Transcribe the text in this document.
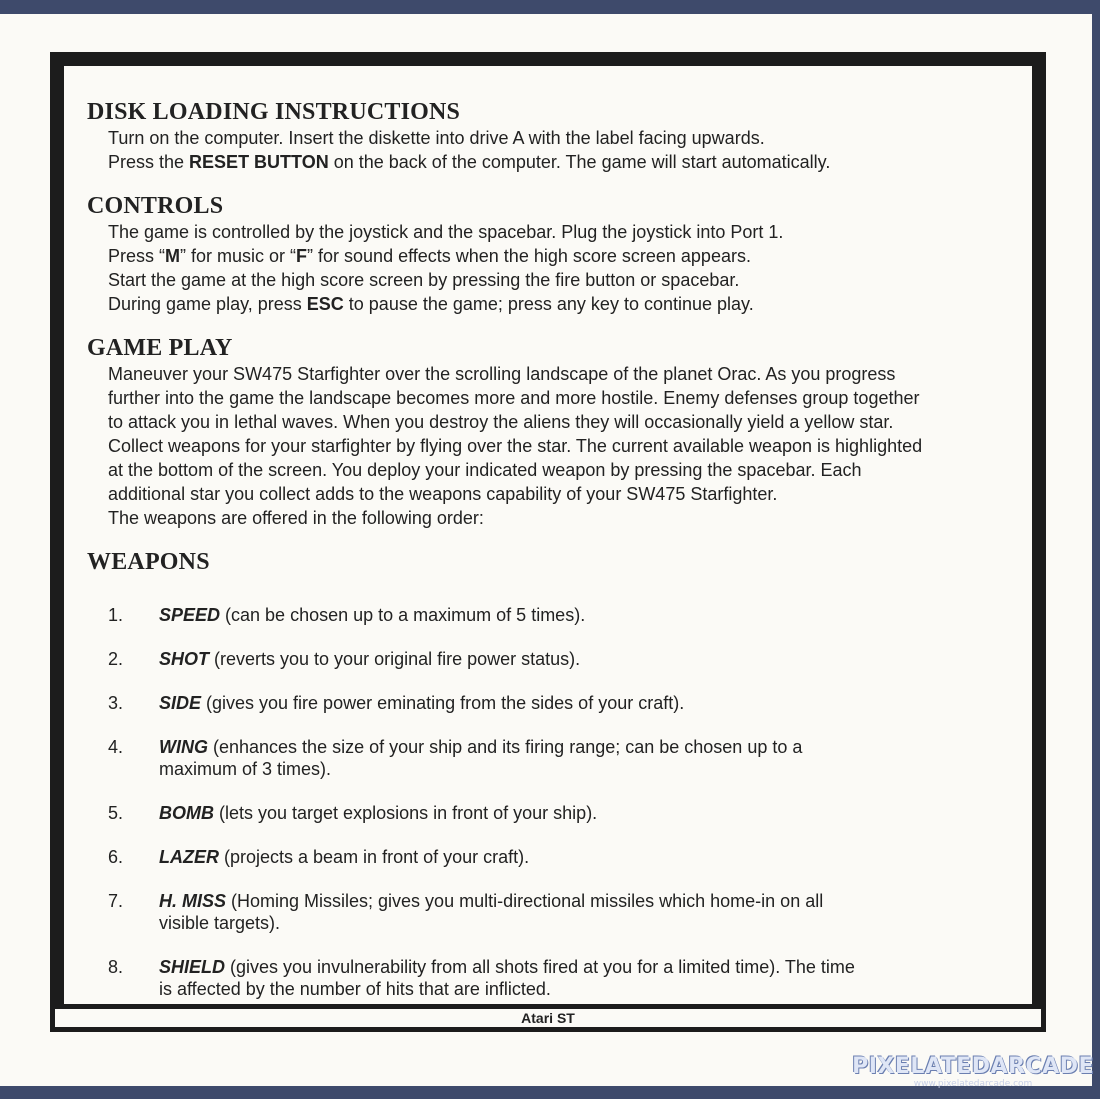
DISK LOADING INSTRUCTIONS

Turn on the computer. Insert the diskette into drive A with the label facing upwards.

Press the RESET BUTTON on the back of the computer. The game will start automatically.

CONTROLS

The game is controlled by the joystick and the spacebar. Plug the joystick into Port 1.

Press “M” for music or “F” for sound effects when the high score screen appears.

Start the game at the high score screen by pressing the fire button or spacebar.

During game play, press ESC to pause the game; press any key to continue play.

GAME PLAY

Maneuver your SW475 Starfighter over the scrolling landscape of the planet Orac. As you progress

further into the game the landscape becomes more and more hostile. Enemy defenses group together

to attack you in lethal waves. When you destroy the aliens they will occasionally yield a yellow star.

Collect weapons for your starfighter by flying over the star. The current available weapon is highlighted

at the bottom of the screen. You deploy your indicated weapon by pressing the spacebar. Each

additional star you collect adds to the weapons capability of your SW475 Starfighter.

The weapons are offered in the following order:

WEAPONS
1.	SPEED (can be chosen up to a maximum of 5 times).
2.	SHOT (reverts you to your original fire power status).
3.	SIDE (gives you fire power eminating from the sides of your craft).
4.	WING (enhances the size of your ship and its firing range; can be chosen up to a maximum of 3 times).
5.	BOMB (lets you target explosions in front of your ship).
6.	LAZER (projects a beam in front of your craft).
7.	H. MISS (Homing Missiles; gives you multi-directional missiles which home-in on all visible targets).
8.	SHIELD (gives you invulnerability from all shots fired at you for a limited time). The time is affected by the number of hits that are inflicted.
Atari ST
PIXELATEDARCADE
www.pixelatedarcade.com
